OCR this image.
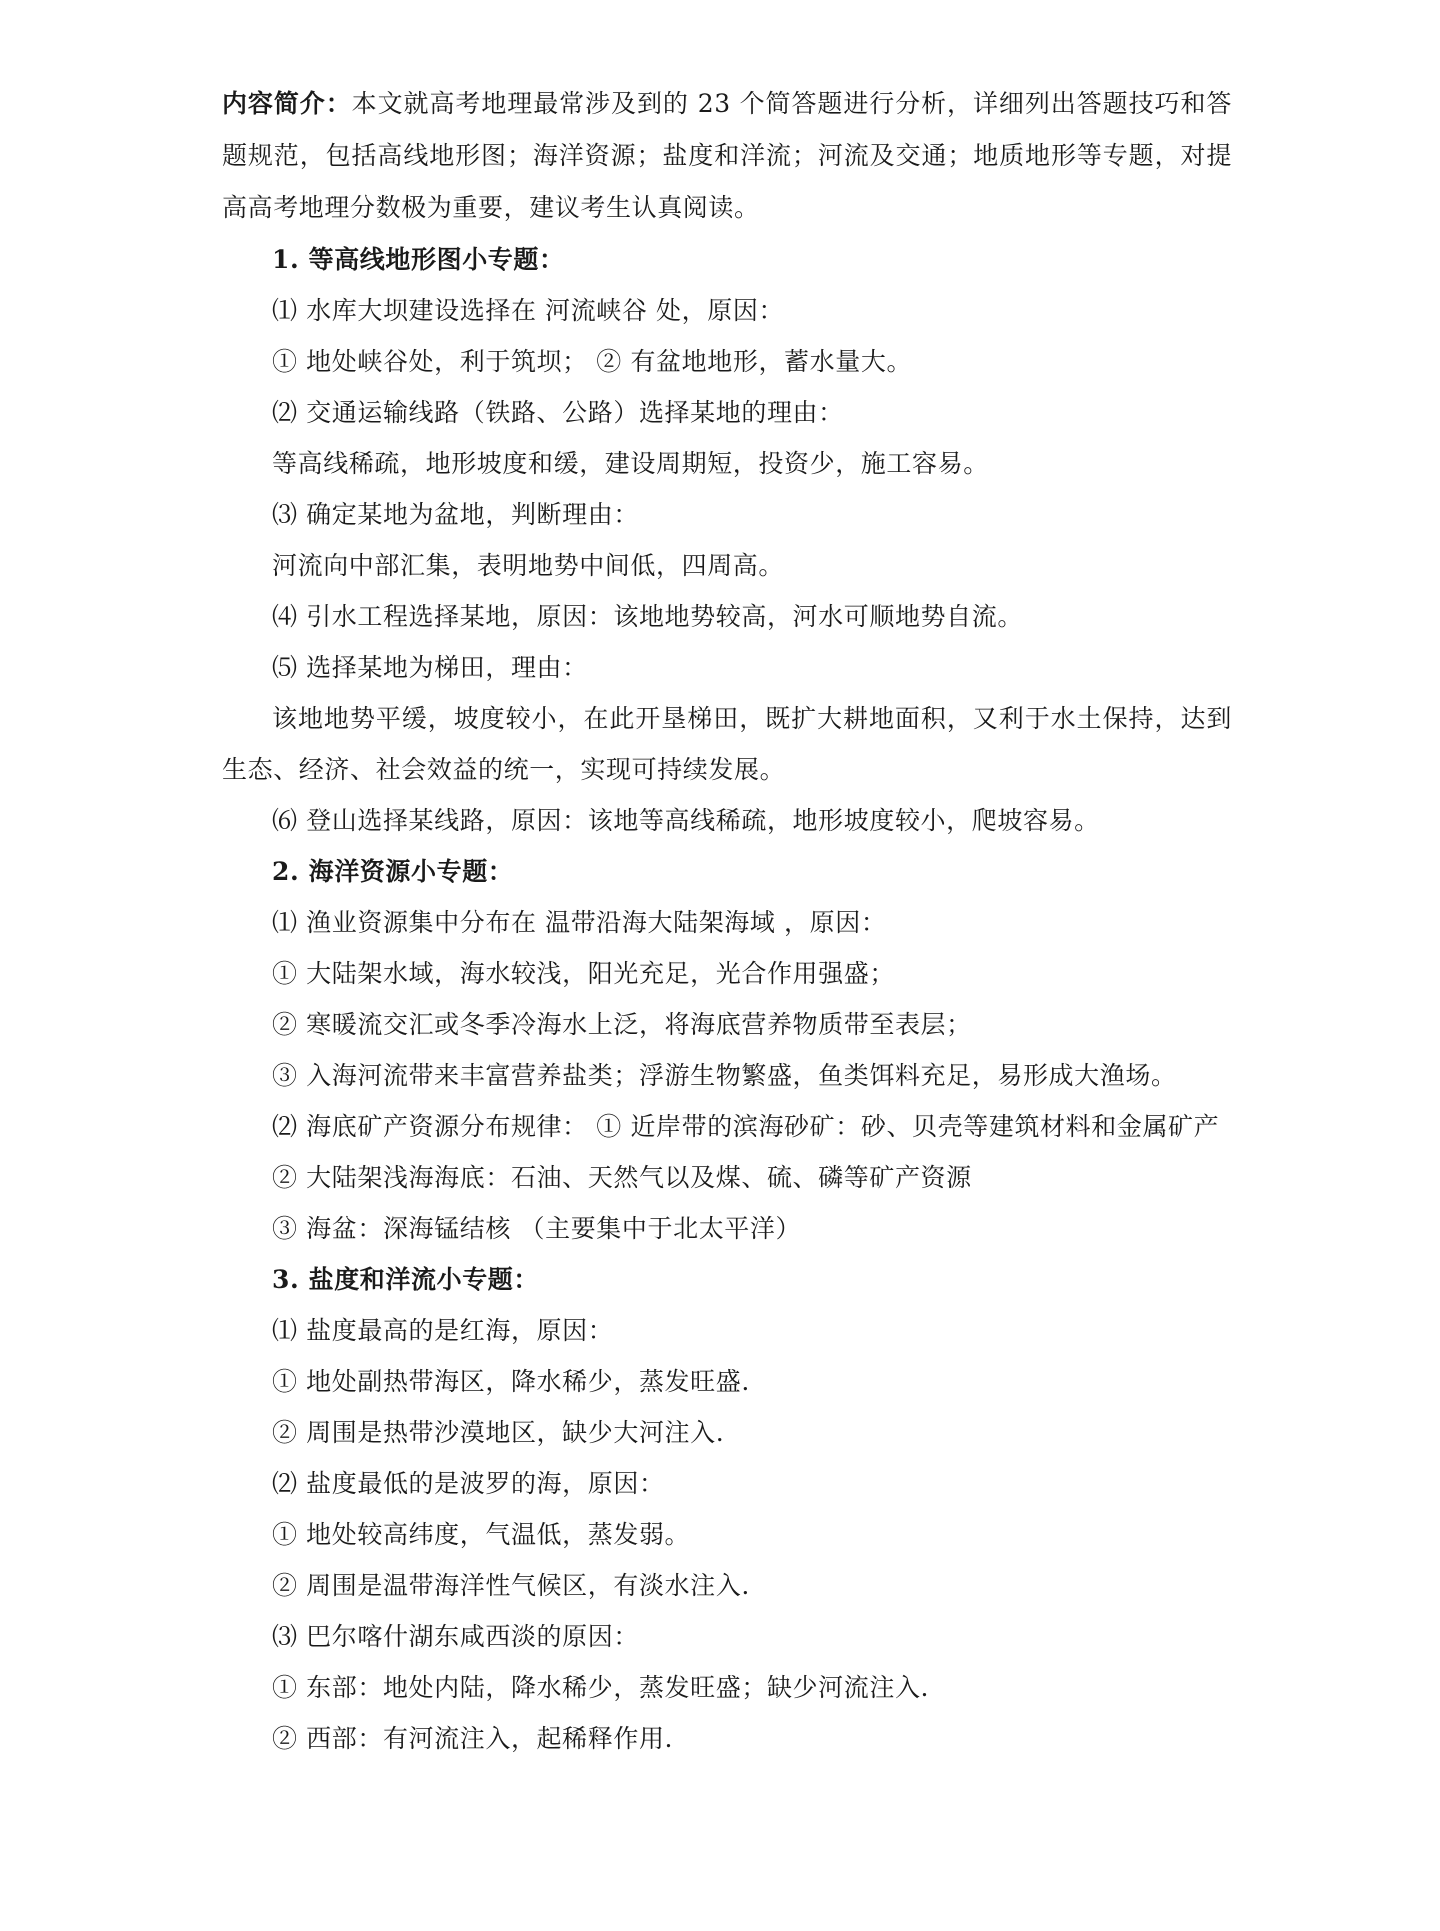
内容简介：本文就高考地理最常涉及到的 23 个简答题进行分析，详细列出答题技巧和答题规范，包括高线地形图；海洋资源；盐度和洋流；河流及交通；地质地形等专题，对提高高考地理分数极为重要，建议考生认真阅读。

1. 等高线地形图小专题：
⑴ 水库大坝建设选择在 河流峡谷 处，原因：
① 地处峡谷处，利于筑坝； ② 有盆地地形，蓄水量大。
⑵ 交通运输线路（铁路、公路）选择某地的理由：
等高线稀疏，地形坡度和缓，建设周期短，投资少，施工容易。
⑶ 确定某地为盆地，判断理由：
河流向中部汇集，表明地势中间低，四周高。
⑷ 引水工程选择某地，原因：该地地势较高，河水可顺地势自流。
⑸ 选择某地为梯田，理由：
该地地势平缓，坡度较小，在此开垦梯田，既扩大耕地面积，又利于水土保持，达到生态、经济、社会效益的统一，实现可持续发展。
⑹ 登山选择某线路，原因：该地等高线稀疏，地形坡度较小，爬坡容易。
2. 海洋资源小专题：
⑴ 渔业资源集中分布在 温带沿海大陆架海域 ，原因：
① 大陆架水域，海水较浅，阳光充足，光合作用强盛；
② 寒暖流交汇或冬季冷海水上泛，将海底营养物质带至表层；
③ 入海河流带来丰富营养盐类；浮游生物繁盛，鱼类饵料充足，易形成大渔场。
⑵ 海底矿产资源分布规律： ① 近岸带的滨海砂矿：砂、贝壳等建筑材料和金属矿产
② 大陆架浅海海底：石油、天然气以及煤、硫、磷等矿产资源
③ 海盆：深海锰结核 （主要集中于北太平洋）
3. 盐度和洋流小专题：
⑴ 盐度最高的是红海，原因：
① 地处副热带海区，降水稀少，蒸发旺盛.
② 周围是热带沙漠地区，缺少大河注入.
⑵ 盐度最低的是波罗的海，原因：
① 地处较高纬度，气温低，蒸发弱。
② 周围是温带海洋性气候区，有淡水注入.
⑶ 巴尔喀什湖东咸西淡的原因：
① 东部：地处内陆，降水稀少，蒸发旺盛；缺少河流注入.
② 西部：有河流注入，起稀释作用.
